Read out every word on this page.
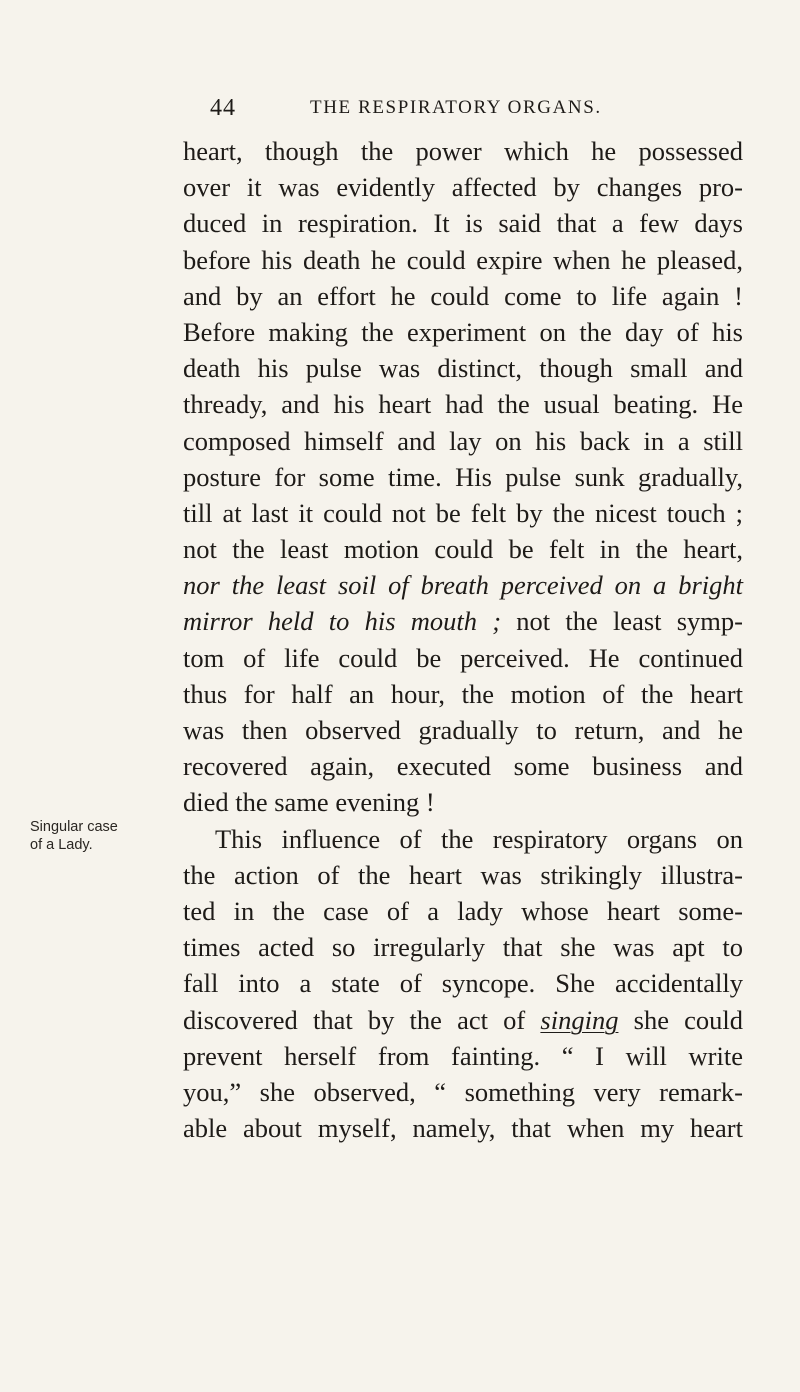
44	THE RESPIRATORY ORGANS.
Singular case
of a Lady.
heart, though the power which he possessed
over it was evidently affected by changes pro-
duced in respiration. It is said that a few days
before his death he could expire when he pleased,
and by an effort he could come to life again !
Before making the experiment on the day of his
death his pulse was distinct, though small and
thready, and his heart had the usual beating. He
composed himself and lay on his back in a still
posture for some time. His pulse sunk gradually,
till at last it could not be felt by the nicest touch ;
not the least motion could be felt in the heart,
nor the least soil of breath perceived on a bright
mirror held to his mouth ; not the least symp-
tom of life could be perceived. He continued
thus for half an hour, the motion of the heart
was then observed gradually to return, and he
recovered again, executed some business and
died the same evening !
This influence of the respiratory organs on
the action of the heart was strikingly illustra-
ted in the case of a lady whose heart some-
times acted so irregularly that she was apt to
fall into a state of syncope. She accidentally
discovered that by the act of singing she could
prevent herself from fainting. “ I will write
you,” she observed, “ something very remark-
able about myself, namely, that when my heart
